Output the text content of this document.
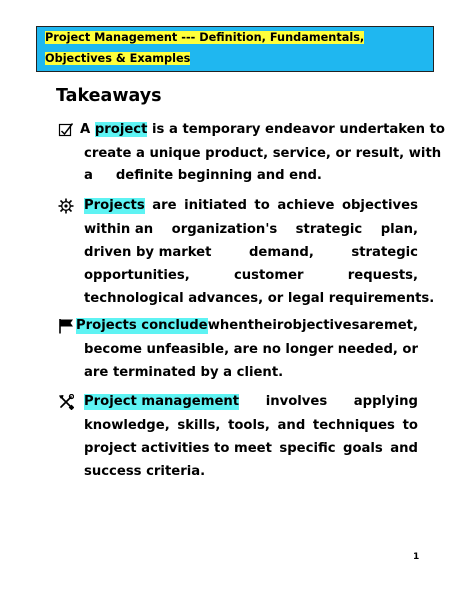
Project Management --- Definition, Fundamentals,
Objectives & Examples
Takeaways
A project is a temporary endeavor undertaken to
create a unique product, service, or result, with
a     definite beginning and end.
Projects are initiated to achieve objectives
within an organization's strategic plan,
driven by market	demand,	strategic
opportunities,	customer	requests,
technological advances, or legal requirements.
Projects conclude when their objectives are met,
become unfeasible, are no longer needed, or
are terminated by a client.
Project management involves applying
knowledge, skills, tools, and techniques to
project activities to meet specific goals and
success criteria.
1
